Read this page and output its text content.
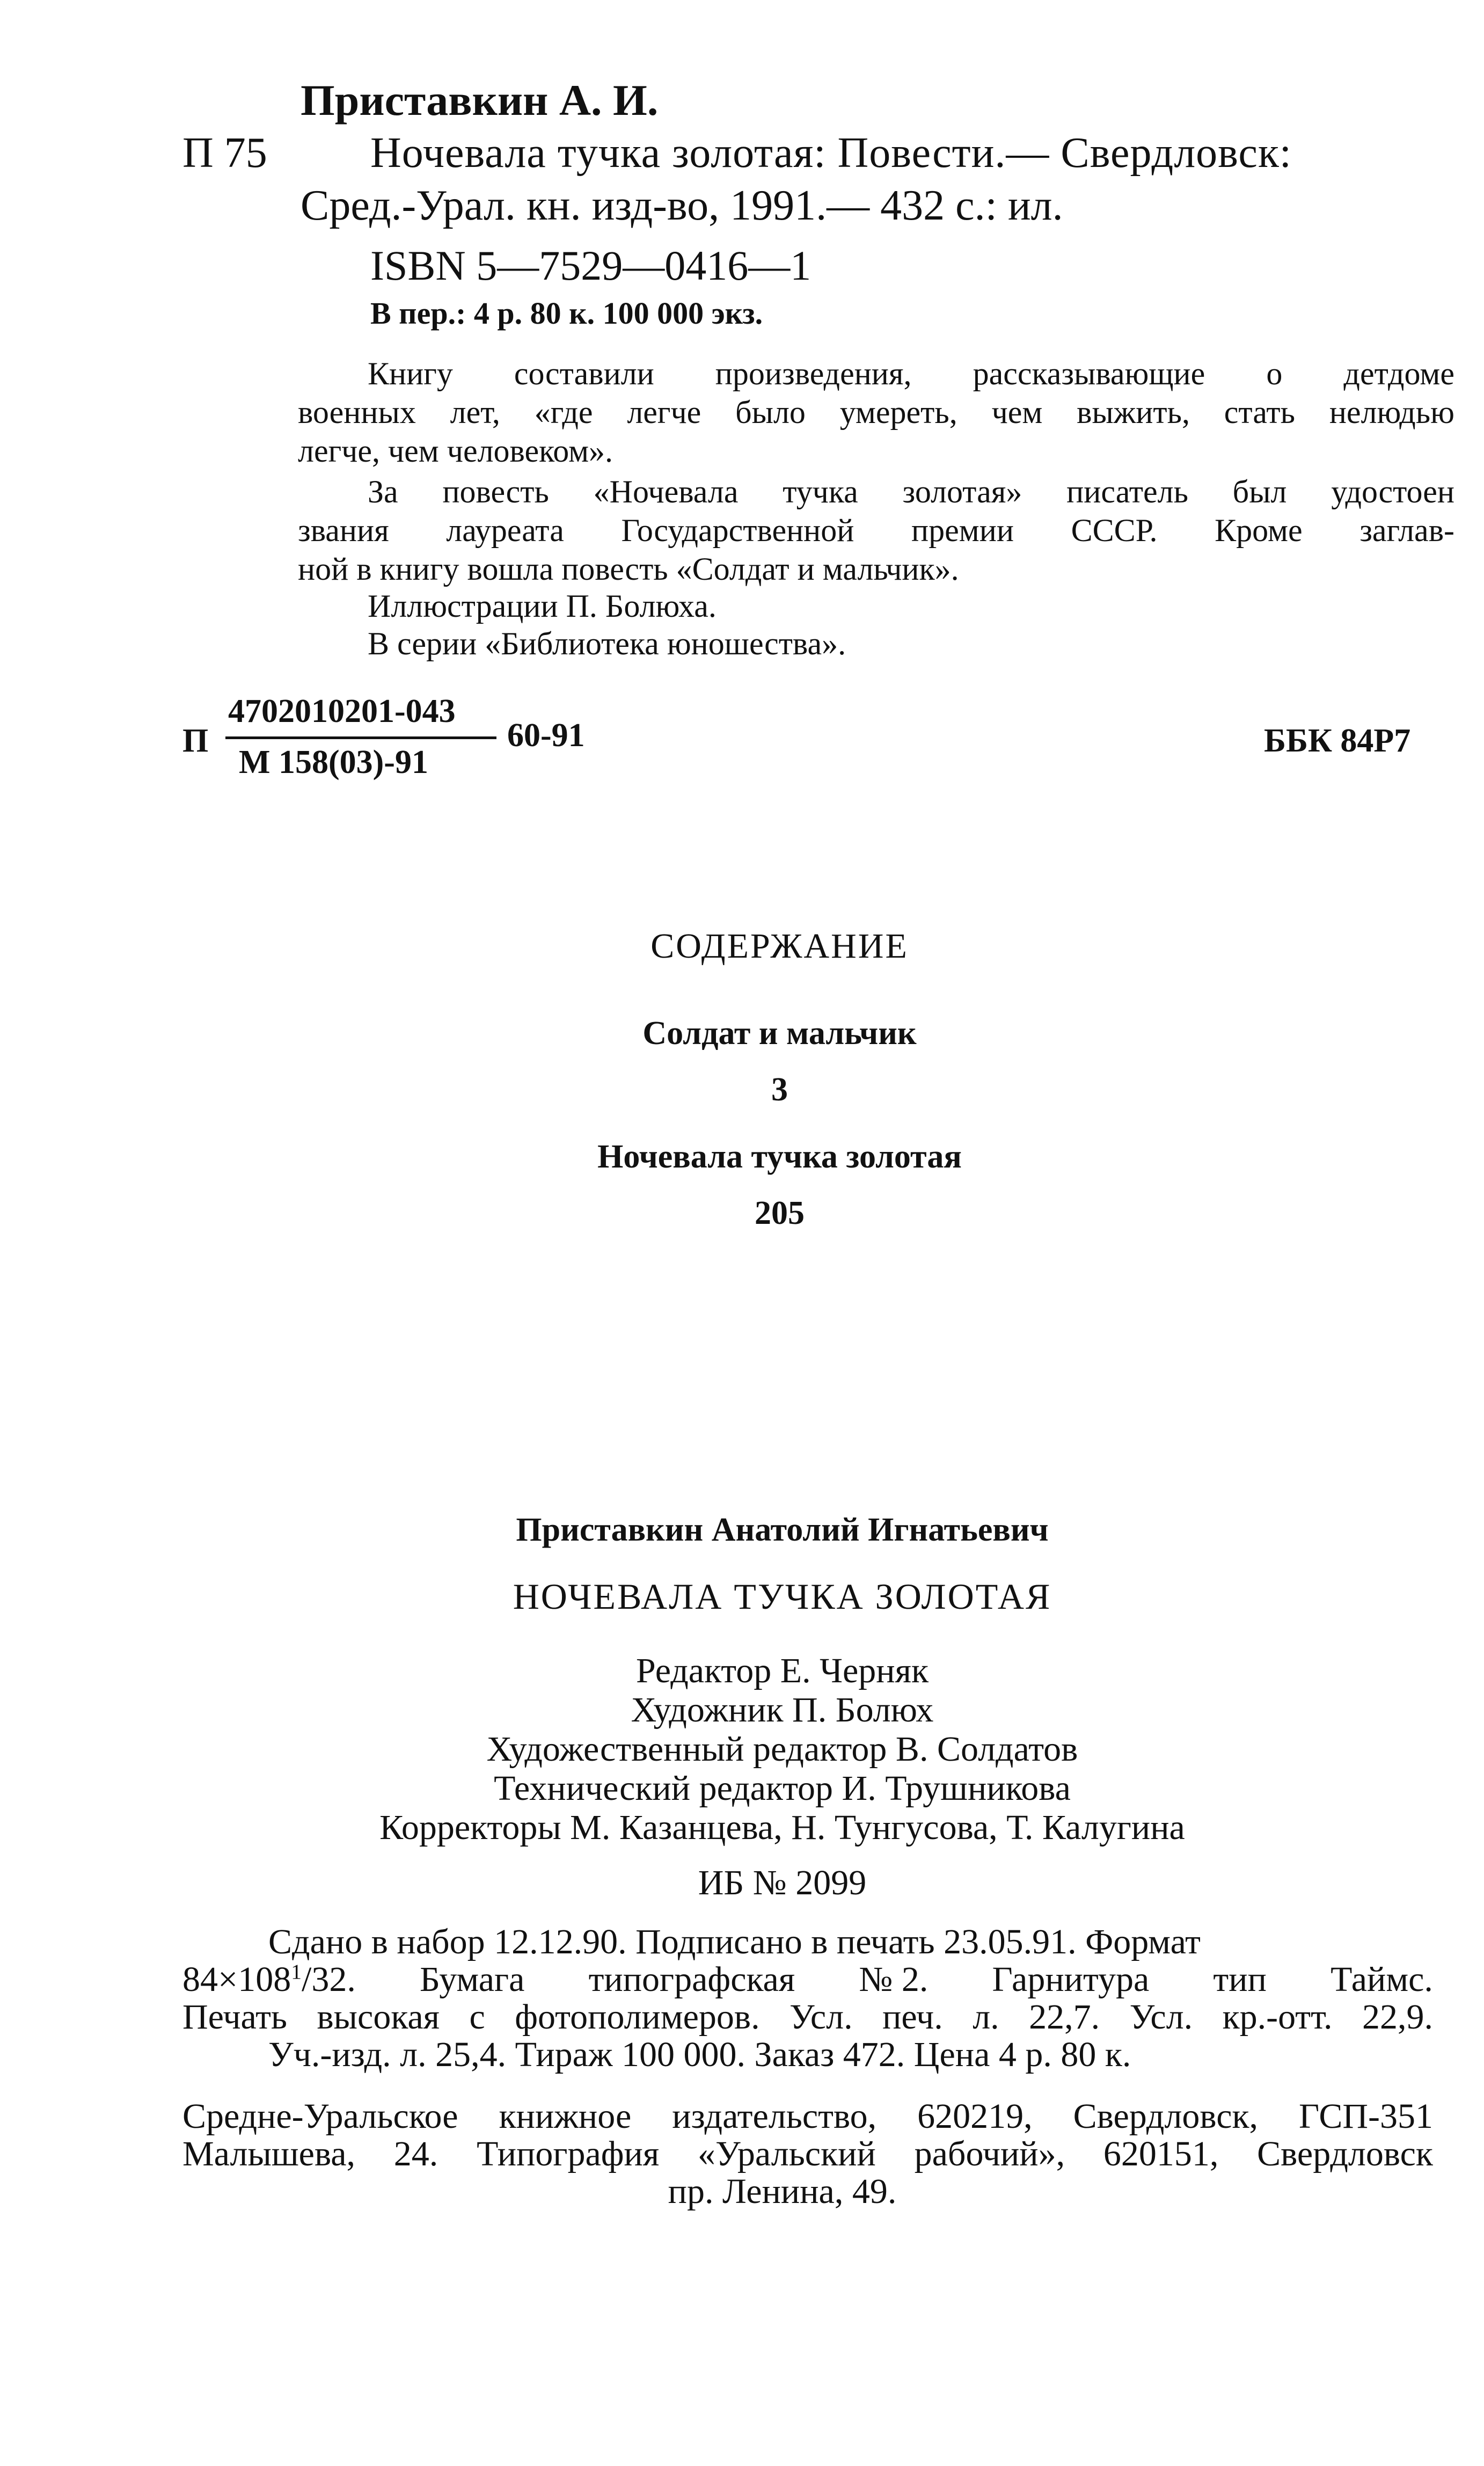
Приставкин А. И.
П 75 Ночевала тучка золотая: Повести.— Свердловск:
Сред.-Урал. кн. изд-во, 1991.— 432 с.: ил.
ISBN 5—7529—0416—1
В пер.: 4 р. 80 к. 100 000 экз.
Книгу составили произведения, рассказывающие о детдоме
военных лет, «где легче было умереть, чем выжить, стать нелюдью
легче, чем человеком».
За повесть «Ночевала тучка золотая» писатель был удостоен
звания лауреата Государственной премии СССР. Кроме заглав-
ной в книгу вошла повесть «Солдат и мальчик».
Иллюстрации П. Болюха.
В серии «Библиотека юношества».
П
4702010201-043
М 158(03)-91
60-91	ББК 84Р7
СОДЕРЖАНИЕ
Солдат и мальчик
3
Ночевала тучка золотая
205
Приставкин Анатолий Игнатьевич
НОЧЕВАЛА ТУЧКА ЗОЛОТАЯ
Редактор Е. Черняк
Художник П. Болюх
Художественный редактор В. Солдатов
Технический редактор И. Трушникова
Корректоры М. Казанцева, Н. Тунгусова, Т. Калугина
ИБ № 2099
Сдано в набор 12.12.90. Подписано в печать 23.05.91. Формат
$84\times 108^1/32$. Бумага типографская № 2. Гарнитура тип Таймс.
Печать высокая с фотополимеров. Усл. печ. л. 22,7. Усл. кр.-отт. 22,9.
Уч.-изд. л. 25,4. Тираж 100 000. Заказ 472. Цена 4 р. 80 к.
Средне-Уральское книжное издательство, 620219, Свердловск, ГСП-351
Малышева, 24. Типография «Уральский рабочий», 620151, Свердловск
пр. Ленина, 49.
